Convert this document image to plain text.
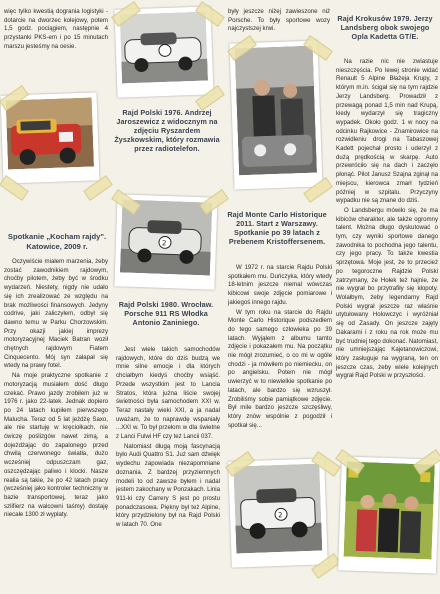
więc tylko kwestią dogrania logistyki - dotarcie na dworzec kolejowy, potem 1,5 godz. pociągiem, następnie 4 przystanki PKS-em i po 15 minutach marszu jesteśmy na oesie.

Spotkanie „Kocham rajdy". Katowice, 2009 r.

Oczywiście miałem marzenia, żeby zostać zawodnikiem rajdowym, choćby pilotem, żeby być w środku wydarzeń. Niestety, nigdy nie udało się ich zrealizować ze względu na brak możliwości finansowych. Jedyny codrive, jaki zaliczyłem, odbył się dawno temu w Parku Chorzowskim. Przy okazji jakiej imprezy motoryzacyjnej Maciek Batran woził chętnych rajdowym Fiatem Cinquecento. Mój syn załapał się wtedy na prawy fotel.

Na moje praktyczne spotkanie z motoryzacją musiałem dość długo czekać. Prawo jazdy zrobiłem już w 1976 r. jako 22-latek. Jednak dopiero po 24 latach kupiłem pierwszego Malucha. Teraz od 5 lat jeżdżę Saxo, ale nie startuję w kręciołkach, nie ćwiczę poślizgów nawet zimą, a dojeżdżając do zapalonego przed chwilą czerwonego światła, dużo wcześniej odpuszczam gaz, oszczędzając paliwo i klocki. Nasze realia są takie, że po 42 latach pracy (wcześniej jako kontroler techniczny w bazie transportowej, teraz jako szlifierz na walcowni taśmy) dostaję niecałe 1300 zł wypłaty.

Rajd Polski 1976. Andrzej Jaroszewicz z widocznym na zdjęciu Ryszardem Żyszkowskim, który rozmawia przez radiotelefon.
2
Rajd Polski 1980. Wrocław. Porsche 911 RS Włodka Antonio Zaniniego.

Jest wiele takich samochodów rajdowych, które do dziś budzą we mnie silne emocje i dla których chciałbym kiedyś choćby wsiąść. Przede wszystkim jest to Lancia Stratos, która jużna liście swojej świetności była samochodem XXI w. Teraz nastały wieki XXI, a ja nadal uważam, że to naprawdę wspaniały ...XXI w. To był przełom w dla świetne z Lanci Fulwi HF czy też Lancii 037.

Natomiast długą moją fascynacją było Audi Quattro S1. Już sam dźwięk wydechu zapowiada niezapomniane doznania. Z bardzej przyziemnych modeli to od zawsze byłem i nadal jestem zakochany w Ponzakach. Linia 911-ki czy Carrery S jest po prostu ponadczasowa. Piękny był też Alpine, który przydzielony był na Rajd Polski w latach 70. One

były jeszcze niżej zawieszone niż Porsche. To były sportowe wozy najczystszej krwi.

Rajd Monte Carlo Historique 2011. Start z Warszawy. Spotkanie po 39 latach z Prebenem Kristoffersenem.

W 1972 r. na starcie Rajdu Polski spotkałem mu. Duńczyka, który wtedy 18-letnim jeszcze niemal wówczas kibicowi swoje zdjęcie pomiarowe i jakiegoś innego rajdu.

W tym roku na starcie do Rajdu Monte Carlo Historique podszedłem do tego samego człowieka po 39 latach. Wyjąłem z albumu tamto zdjęcie i pokazałem mu. Na początku nie mógł zrozumieć, o co mi w ogóle chodzi - ja mówiłem po niemiecku, on po angielsku. Potem nie mógł uwierzyć w to niewielkie spotkanie po latach, ale bardzo się wzruszył. Zrobiliśmy sobie pamiątkowe zdjęcie. Był mile bardzo jeszcze szczęśliwy, który znów wspólnie z pogodził i spotkał się...

2
Rajd Krokusów 1979. Jerzy Landsberg obok swojego Opla Kadetta GT/E.

Na razie nic nie zwiastuje nieszczęścia. Po lewej stronie widać Renault 5 Alpine Błażeja Krupy, z którym m.in. ścigał się na tym rajdzie Jerzy Landsberg. Prowadził z przewagą ponad 1,5 min nad Krupą, kiedy wydarzył się tragiczny wypadek. Około godz. 1 w nocy na odcinku Rajkowice - Znamirowice na rozwidleniu drogi na Tabaszowej Kadett pojechał prosto i uderzył z dużą prędkością w skarpę. Auto przewróciło się na dach i zaczęło płonąć. Pilot Janusz Szajna zginął na miejscu, kierowca zmarł tydzień później w szpitalu. Przyczyny wypadku nie są znane do dziś.

O Landsbergu mówiło się, że ma kibiców charakter, ale także ogromny talent. Można długo dyskutować o tym, czy wyniki sportowe danego zawodnika to pochodna jego talentu, czy jego pracy. To także kwestia sprzętowa. Moje jest, że to przecież po tegoroczne Rajdzie Polski zatrzymany, że Hołek też hajnie, że nie wygrał bo przytrafiły się kłopoty. Wolałbym, żeby legendarny Rajd Polski wygrał jeszcze raz właśnie utytułowany Holowczyc i wyróżniał się od Zasady. On jeszcze zajęty Dakarami i z roku na rok może mu być trudniej tego dokonać. Natomiast, nie umniejszając Kajetanowiczowi, który zasługuje na wygraną, ten on jeszcze czas, żeby wiele kolejnych wygrał Rajd Polski w przyszłości.
